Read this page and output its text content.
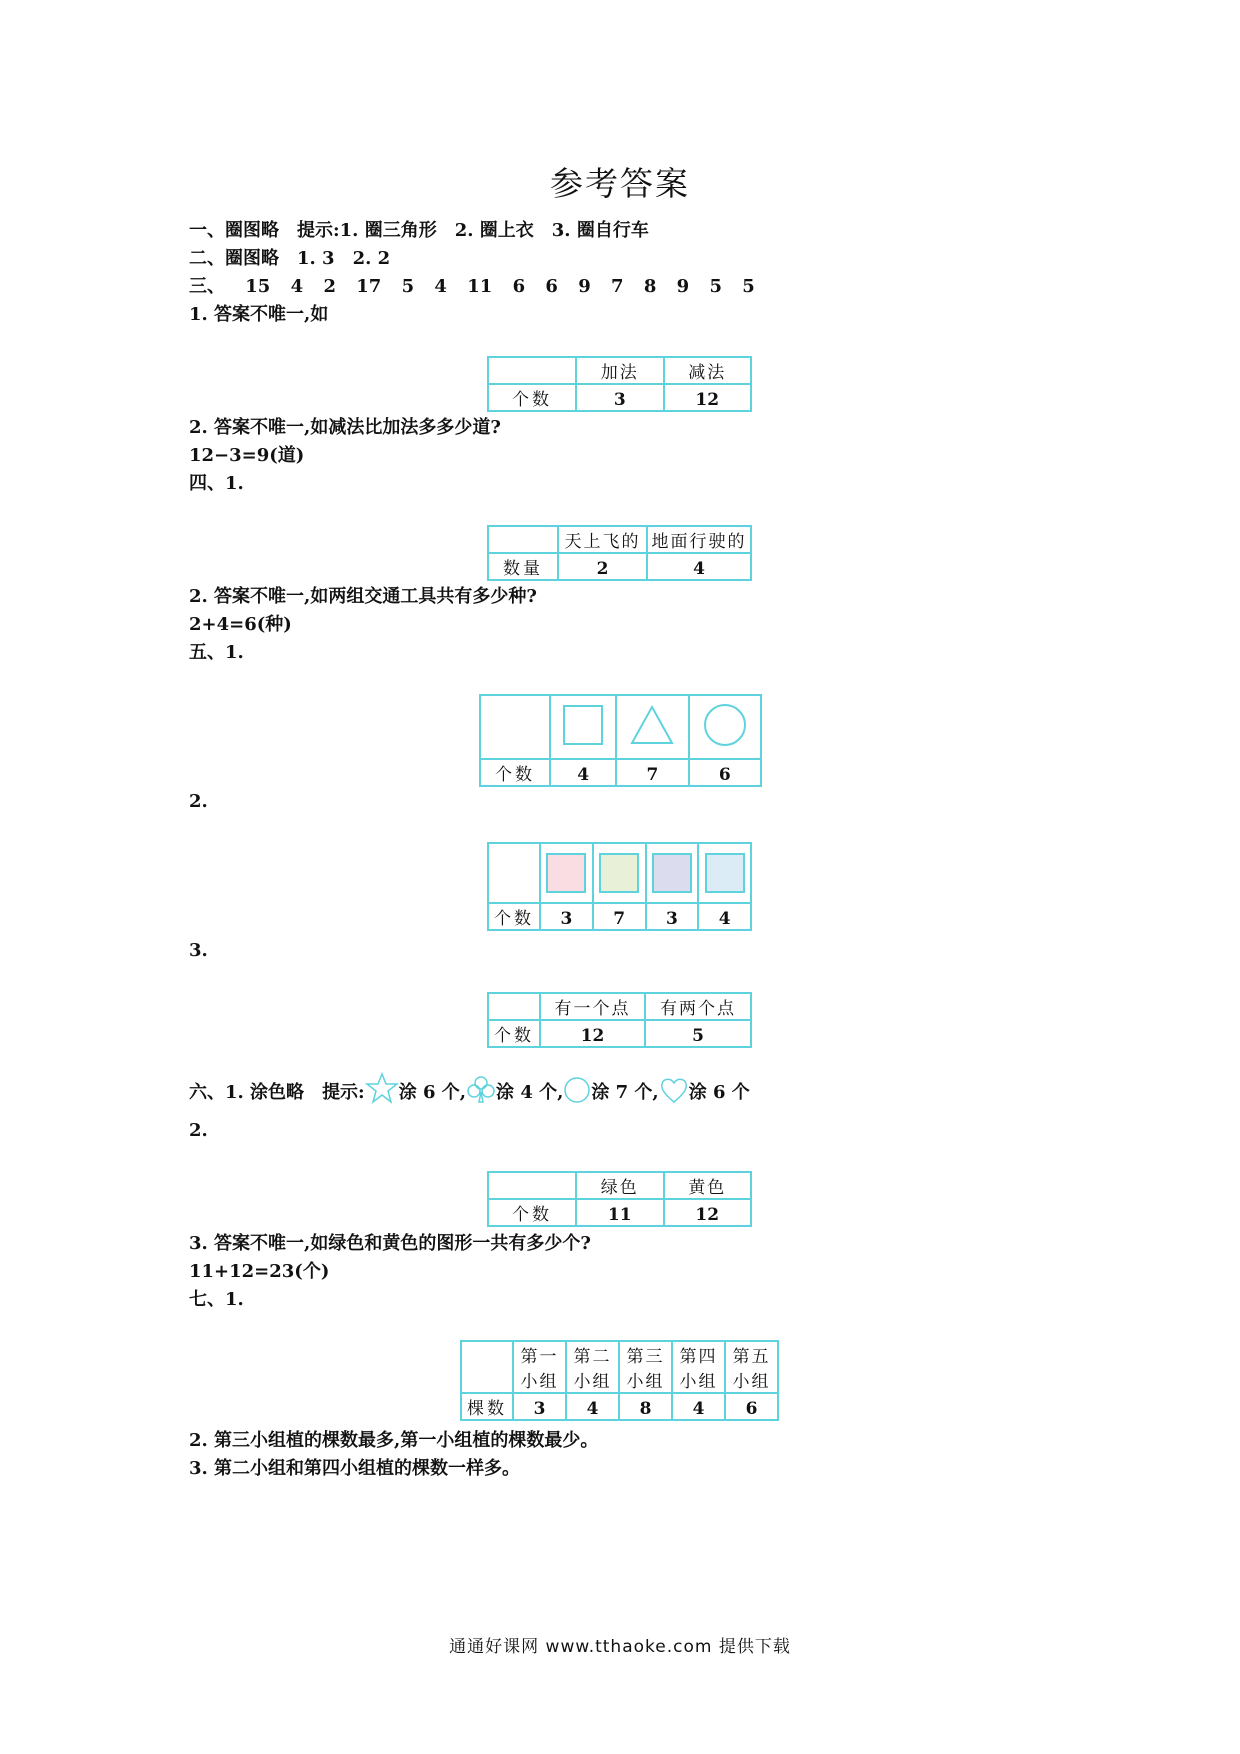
参考答案
一、圈图略 提示:1. 圈三角形 2. 圈上衣 3. 圈自行车
二、圈图略 1. 3 2. 2
三、 15 4 2 17 5 4 11 6 6 9 7 8 9 5 5
1. 答案不唯一,如
	加法	减法
个数	3	12
2. 答案不唯一,如减法比加法多多少道?
12−3=9(道)
四、1.
	天上飞的	地面行驶的
数量	2	4
2. 答案不唯一,如两组交通工具共有多少种?
2+4=6(种)
五、1.

个数	4	7	6
2.

个数	3	7	3	4
3.
	有一个点	有两个点
个数	12	5
六、1. 涂色略 提示: 涂 6 个, 涂 4 个, 涂 7 个, 涂 6 个
2.
	绿色	黄色
个数	11	12
3. 答案不唯一,如绿色和黄色的图形一共有多少个?
11+12=23(个)
七、1.
	第一	第二	第三	第四	第五
	小组	小组	小组	小组	小组
棵数	3	4	8	4	6
2. 第三小组植的棵数最多,第一小组植的棵数最少。
3. 第二小组和第四小组植的棵数一样多。
通通好课网 www.tthaoke.com 提供下载
